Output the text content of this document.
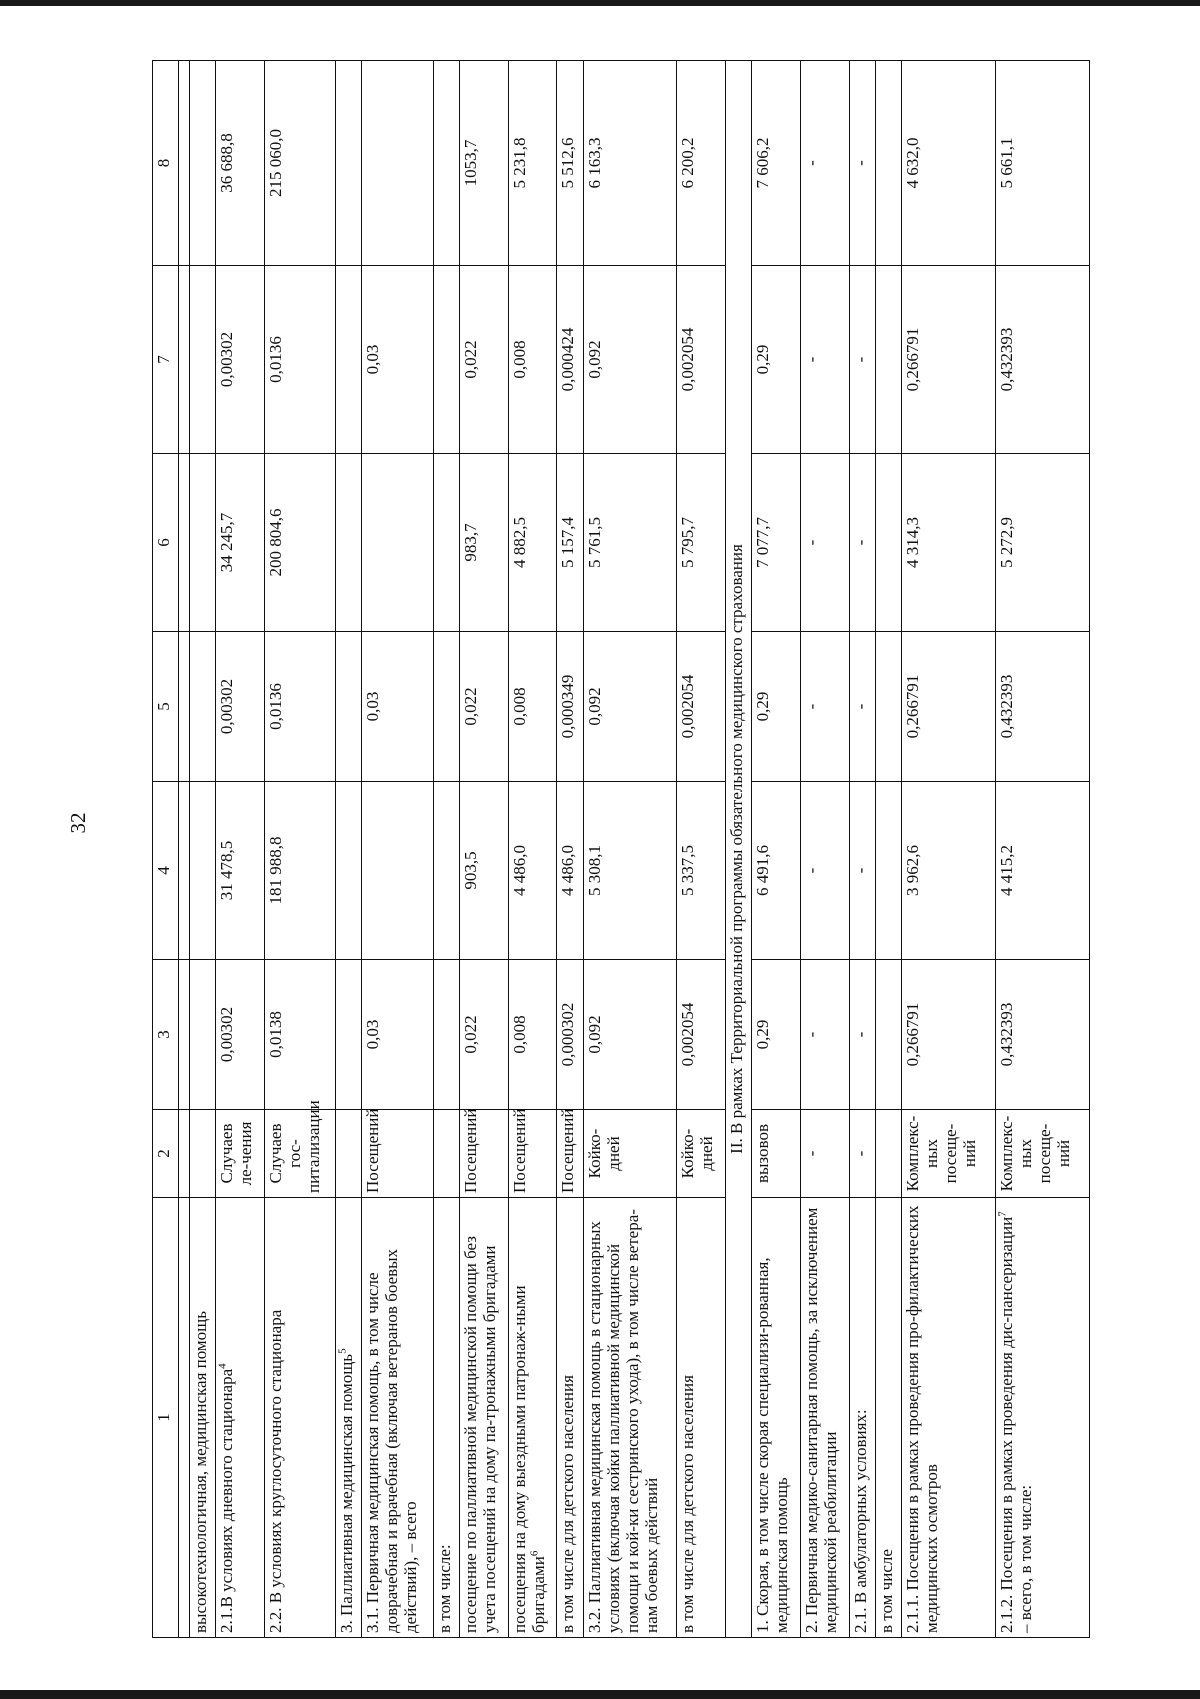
32
1	2	3	4	5	6	7	8

высокотехнологичная, медицинская помощь							
2.1.В условиях дневного стационара$^4$	Случаев ле-чения	0,00302	31 478,5	0,00302	34 245,7	0,00302	36 688,8
2.2. В условиях круглосуточного стационара	Случаев гос-питализации	0,0138	181 988,8	0,0136	200 804,6	0,0136	215 060,0
3. Паллиативная медицинская помощь$^5$							
3.1. Первичная медицинская помощь, в том числе доврачебная и врачебная (включая ветеранов боевых действий), – всего	Посещений	0,03		0,03		0,03	
в том числе:							
посещение по паллиативной медицинской помощи без учета посещений на дому па-тронажными бригадами	Посещений	0,022	903,5	0,022	983,7	0,022	1053,7
посещения на дому выездными патронаж-ными бригадами$^6$	Посещений	0,008	4 486,0	0,008	4 882,5	0,008	5 231,8
в том числе для детского населения	Посещений	0,000302	4 486,0	0,000349	5 157,4	0,000424	5 512,6
3.2. Паллиативная медицинская помощь в стационарных условиях (включая койки паллиативной медицинской помощи и кой-ки сестринского ухода), в том числе ветера-нам боевых действий	Койко-дней	0,092	5 308,1	0,092	5 761,5	0,092	6 163,3
в том числе для детского населения	Койко-дней	0,002054	5 337,5	0,002054	5 795,7	0,002054	6 200,2
II. В рамках Территориальной программы обязательного медицинского страхования							
1. Скорая, в том числе скорая специализи-рованная, медицинская помощь	вызовов	0,29	6 491,6	0,29	7 077,7	0,29	7 606,2
2. Первичная медико-санитарная помощь, за исключением медицинской реабилитации	-	-	-	-	-	-	-
2.1. В амбулаторных условиях:	-	-	-	-	-	-	-
в том числе							
2.1.1. Посещения в рамках проведения про-филактических медицинских осмотров	Комплекс-ных посеще-ний	0,266791	3 962,6	0,266791	4 314,3	0,266791	4 632,0
2.1.2. Посещения в рамках проведения дис-пансеризации$^7$ – всего, в том числе:	Комплекс-ных посеще-ний	0,432393	4 415,2	0,432393	5 272,9	0,432393	5 661,1
